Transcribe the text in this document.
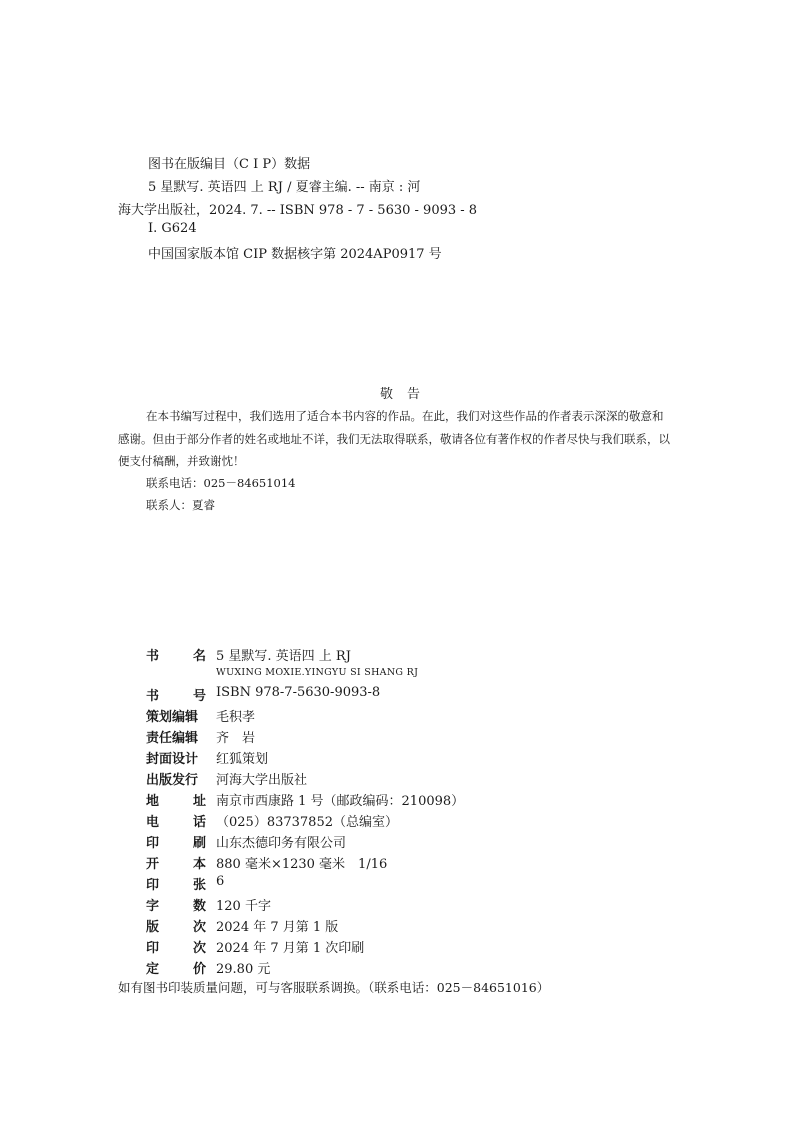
图书在版编目（C I P）数据
5 星默写. 英语四 上 RJ / 夏睿主编. -- 南京 : 河
海大学出版社，2024. 7. -- ISBN 978 - 7 - 5630 - 9093 - 8
Ⅰ. G624
中国国家版本馆 CIP 数据核字第 2024AP0917 号
敬告
在本书编写过程中，我们选用了适合本书内容的作品。在此，我们对这些作品的作者表示深深的敬意和
感谢。但由于部分作者的姓名或地址不详，我们无法取得联系，敬请各位有著作权的作者尽快与我们联系，以
便支付稿酬，并致谢忱！
联系电话：025－84651014
联系人：夏睿
书	名 5 星默写. 英语四 上 RJ
WUXING MOXIE.YINGYU SI SHANG RJ
书	号 ISBN 978-7-5630-9093-8
策划编辑	毛积孝
责任编辑	齐　岩
封面设计	红狐策划
出版发行	河海大学出版社
地	址 南京市西康路 1 号（邮政编码：210098）
电	话 （025）83737852（总编室）
印	刷 山东杰德印务有限公司
开	本 880 毫米×1230 毫米　1/16
印	张 6
字	数 120 千字
版	次 2024 年 7 月第 1 版
印	次 2024 年 7 月第 1 次印刷
定	价 29.80 元
如有图书印装质量问题，可与客服联系调换。（联系电话：025－84651016）
